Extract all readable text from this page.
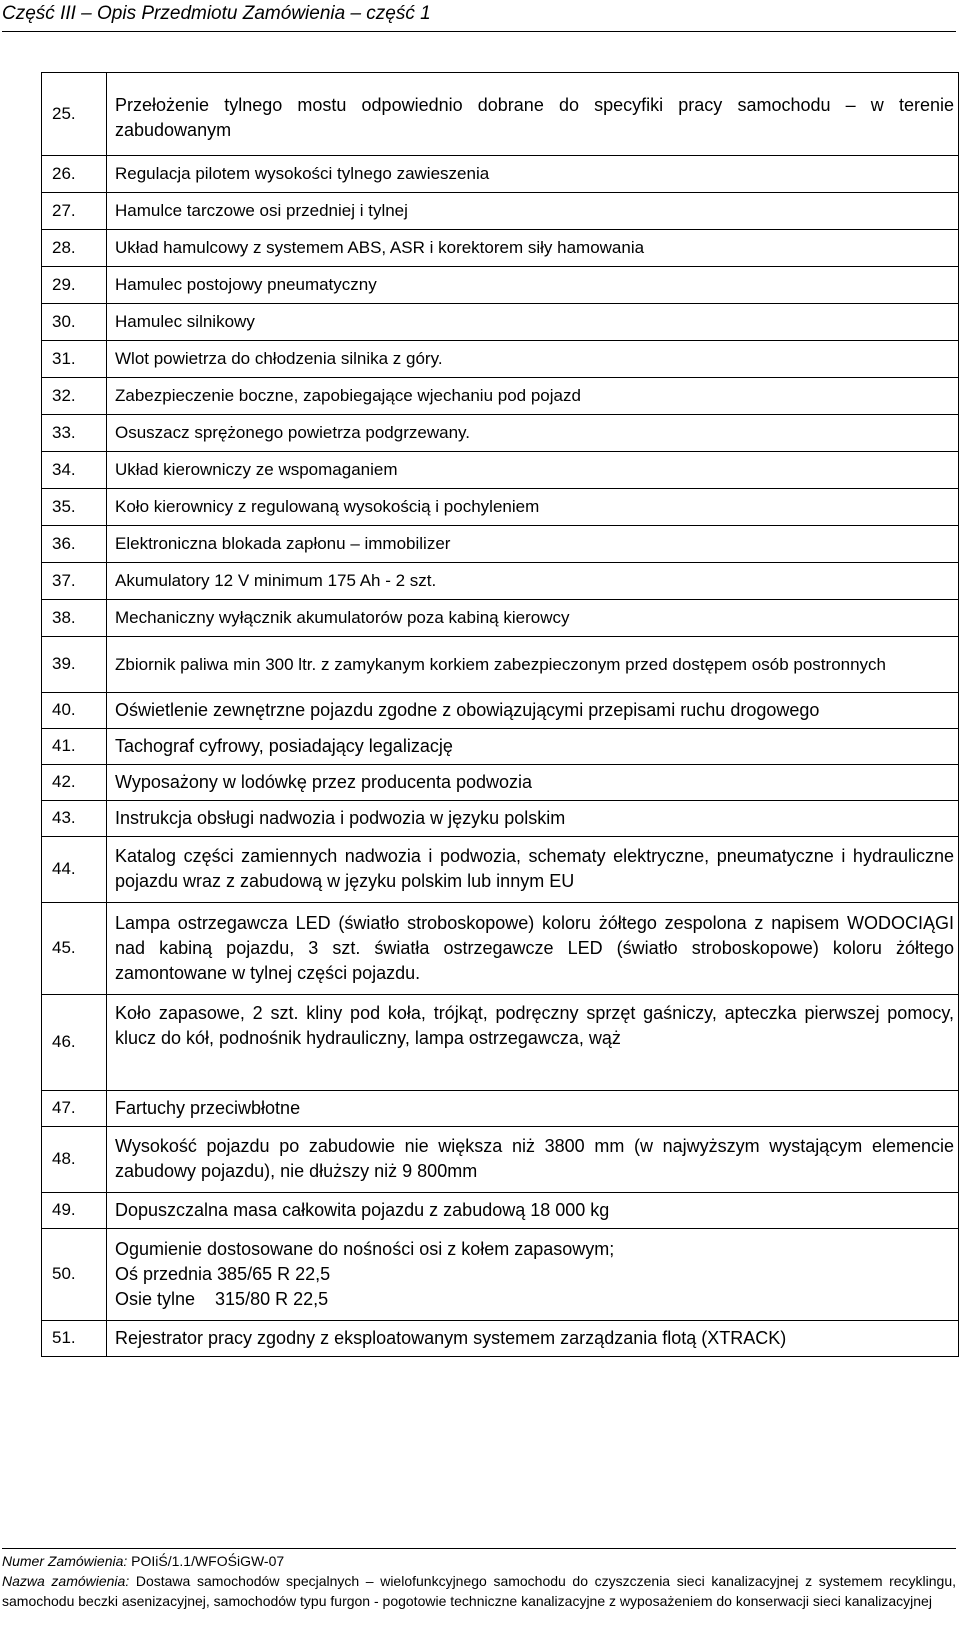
Część III – Opis Przedmiotu Zamówienia – część 1
25.	Przełożenie tylnego mostu odpowiednio dobrane do specyfiki pracy samochodu – w terenie zabudowanym
26.	Regulacja pilotem wysokości tylnego zawieszenia
27.	Hamulce tarczowe osi przedniej i tylnej
28.	Układ hamulcowy z systemem ABS, ASR i korektorem siły hamowania
29.	Hamulec postojowy pneumatyczny
30.	Hamulec silnikowy
31.	Wlot powietrza do chłodzenia silnika z góry.
32.	Zabezpieczenie boczne, zapobiegające wjechaniu pod pojazd
33.	Osuszacz sprężonego powietrza podgrzewany.
34.	Układ kierowniczy ze wspomaganiem
35.	Koło kierownicy z regulowaną wysokością i pochyleniem
36.	Elektroniczna blokada zapłonu – immobilizer
37.	Akumulatory 12 V minimum 175 Ah - 2 szt.
38.	Mechaniczny wyłącznik akumulatorów poza kabiną kierowcy
39.	Zbiornik paliwa min 300 ltr. z zamykanym korkiem zabezpieczonym przed dostępem osób postronnych
40.	Oświetlenie zewnętrzne pojazdu zgodne z obowiązującymi przepisami ruchu drogowego
41.	Tachograf cyfrowy, posiadający legalizację
42.	Wyposażony w lodówkę przez producenta podwozia
43.	Instrukcja obsługi nadwozia i podwozia w języku polskim
44.	Katalog części zamiennych nadwozia i podwozia, schematy elektryczne, pneumatyczne i hydrauliczne pojazdu wraz z zabudową w języku polskim lub innym EU
45.	Lampa ostrzegawcza LED (światło stroboskopowe) koloru żółtego zespolona z napisem WODOCIĄGI nad kabiną pojazdu, 3 szt. światła ostrzegawcze LED (światło stroboskopowe) koloru żółtego zamontowane w tylnej części pojazdu.
46.	Koło zapasowe, 2 szt. kliny pod koła, trójkąt, podręczny sprzęt gaśniczy, apteczka pierwszej pomocy, klucz do kół, podnośnik hydrauliczny, lampa ostrzegawcza, wąż
47.	Fartuchy przeciwbłotne
48.	Wysokość pojazdu po zabudowie nie większa niż 3800 mm (w najwyższym wystającym elemencie zabudowy pojazdu), nie dłuższy niż 9 800mm
49.	Dopuszczalna masa całkowita pojazdu z zabudową 18 000 kg
50.	Ogumienie dostosowane do nośności osi z kołem zapasowym;
Oś przednia 385/65 R 22,5
Osie tylne    315/80 R 22,5

51.	Rejestrator pracy zgodny z eksploatowanym systemem zarządzania flotą (XTRACK)
Numer Zamówienia: POIiŚ/1.1/WFOŚiGW-07
Nazwa zamówienia: Dostawa samochodów specjalnych – wielofunkcyjnego samochodu do czyszczenia sieci kanalizacyjnej z systemem recyklingu, samochodu beczki asenizacyjnej, samochodów typu furgon - pogotowie techniczne kanalizacyjne z wyposażeniem do konserwacji sieci kanalizacyjnej
